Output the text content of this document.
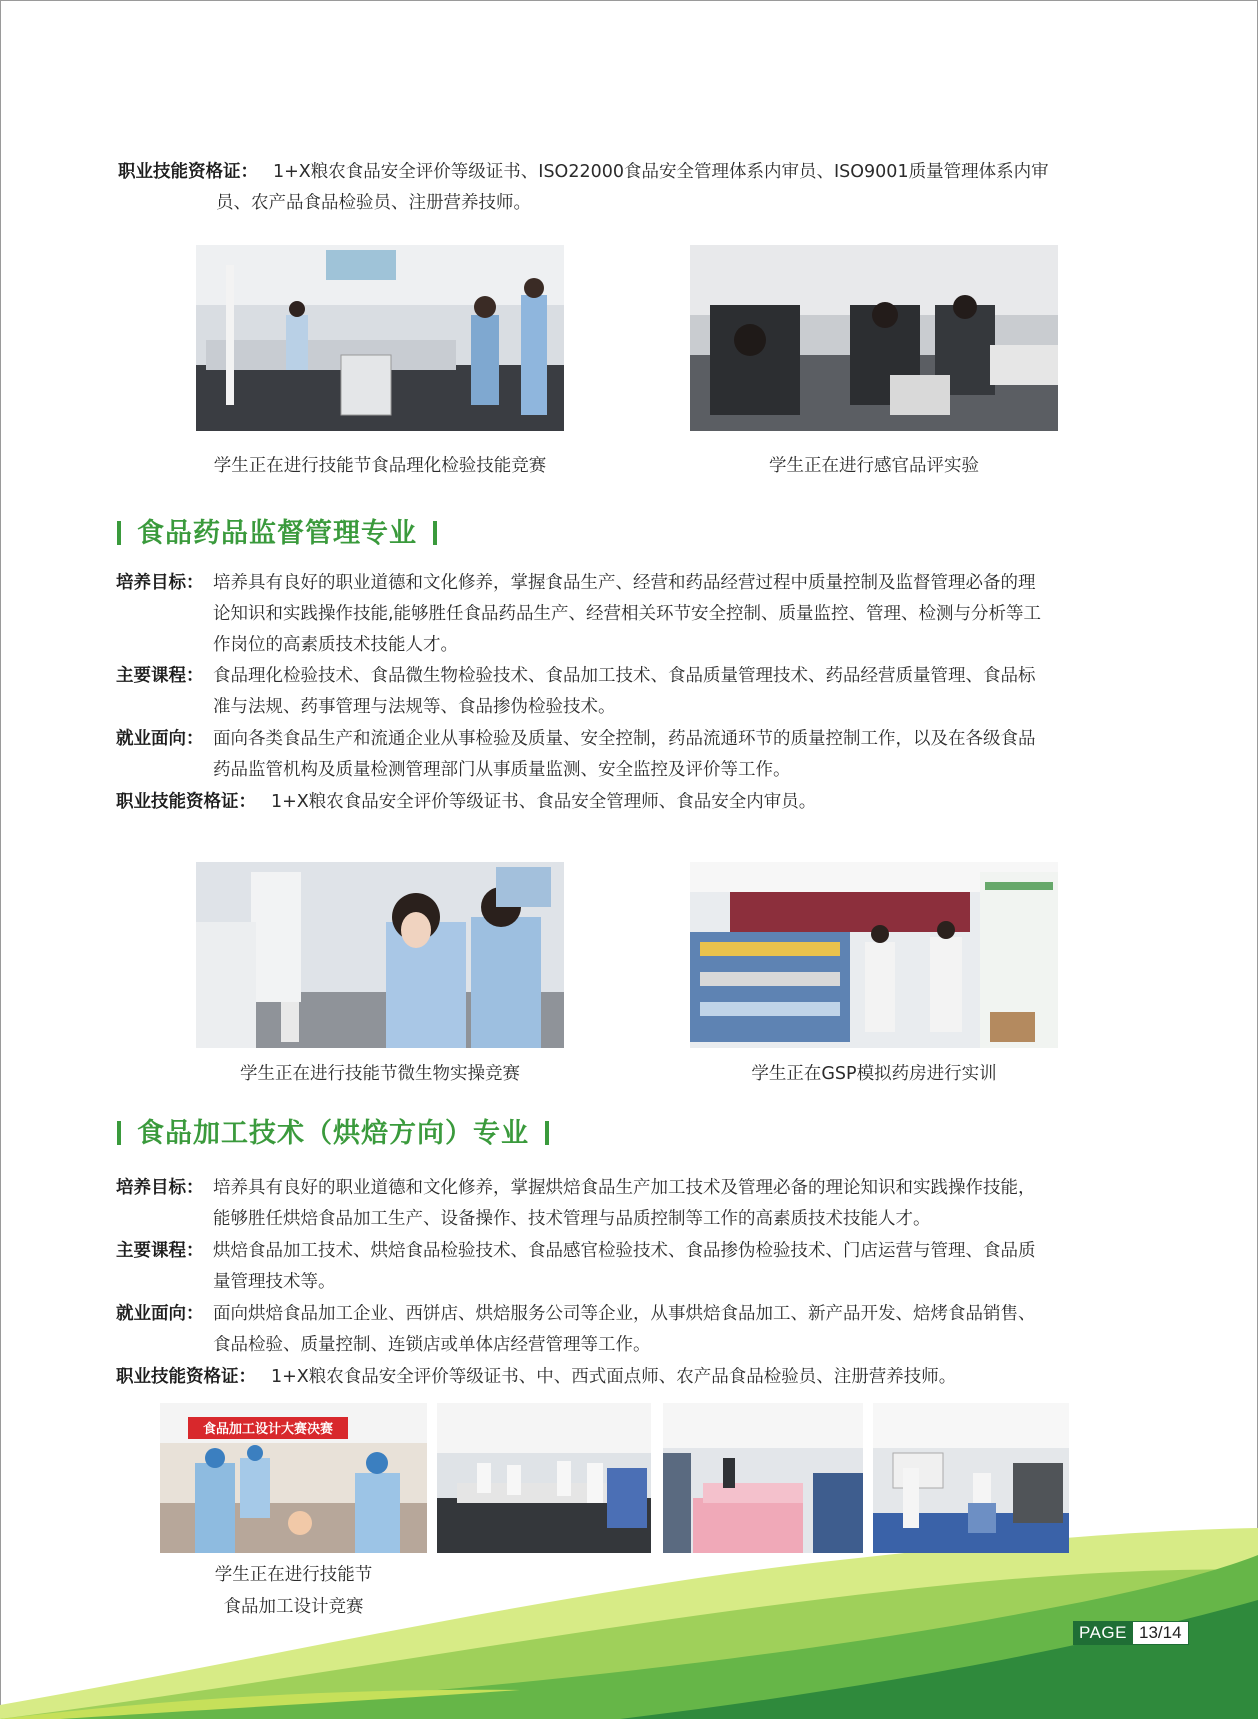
职业技能资格证： 1+X粮农食品安全评价等级证书、ISO22000食品安全管理体系内审员、ISO9001质量管理体系内审
员、农产品食品检验员、注册营养技师。
学生正在进行技能节食品理化检验技能竞赛	学生正在进行感官品评实验
食品药品监督管理专业
培养目标： 培养具有良好的职业道德和文化修养，掌握食品生产、经营和药品经营过程中质量控制及监督管理必备的理
论知识和实践操作技能,能够胜任食品药品生产、经营相关环节安全控制、质量监控、管理、检测与分析等工
作岗位的高素质技术技能人才。
主要课程： 食品理化检验技术、食品微生物检验技术、食品加工技术、食品质量管理技术、药品经营质量管理、食品标
准与法规、药事管理与法规等、食品掺伪检验技术。
就业面向： 面向各类食品生产和流通企业从事检验及质量、安全控制，药品流通环节的质量控制工作，以及在各级食品
药品监管机构及质量检测管理部门从事质量监测、安全监控及评价等工作。
职业技能资格证： 1+X粮农食品安全评价等级证书、食品安全管理师、食品安全内审员。
学生正在进行技能节微生物实操竞赛	学生正在GSP模拟药房进行实训
食品加工技术（烘焙方向）专业
培养目标： 培养具有良好的职业道德和文化修养，掌握烘焙食品生产加工技术及管理必备的理论知识和实践操作技能，
能够胜任烘焙食品加工生产、设备操作、技术管理与品质控制等工作的高素质技术技能人才。
主要课程： 烘焙食品加工技术、烘焙食品检验技术、食品感官检验技术、食品掺伪检验技术、门店运营与管理、食品质
量管理技术等。
就业面向： 面向烘焙食品加工企业、西饼店、烘焙服务公司等企业，从事烘焙食品加工、新产品开发、焙烤食品销售、
食品检验、质量控制、连锁店或单体店经营管理等工作。
职业技能资格证： 1+X粮农食品安全评价等级证书、中、西式面点师、农产品食品检验员、注册营养技师。
食品加工设计大赛决赛
学生正在进行技能节
食品加工设计竞赛
PAGE 13/14
